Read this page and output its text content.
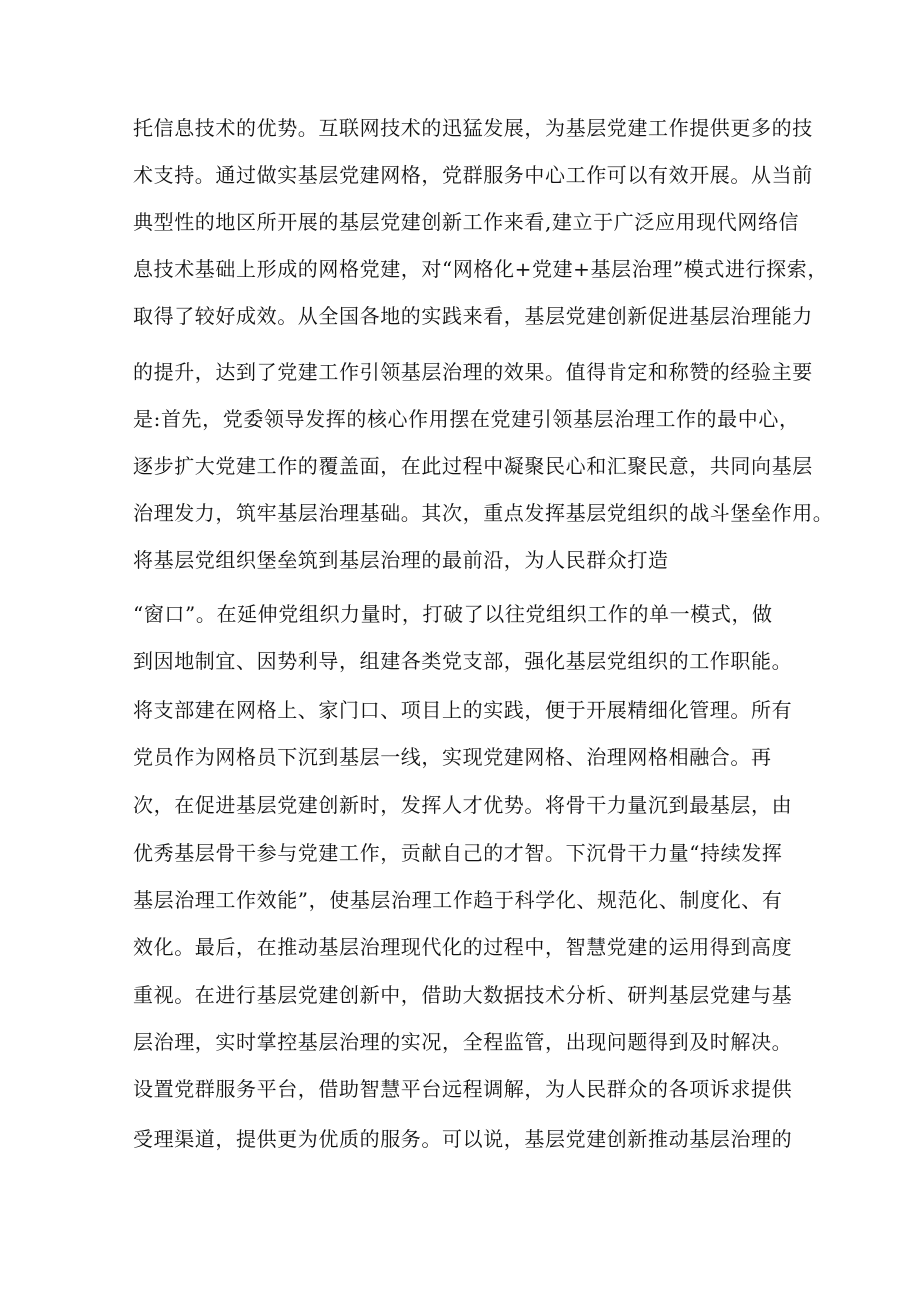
托信息技术的优势。互联网技术的迅猛发展，为基层党建工作提供更多的技
术支持。通过做实基层党建网格，党群服务中心工作可以有效开展。从当前
典型性的地区所开展的基层党建创新工作来看,建立于广泛应用现代网络信
息技术基础上形成的网格党建，对“网格化+党建+基层治理”模式进行探索，
取得了较好成效。从全国各地的实践来看，基层党建创新促进基层治理能力
的提升，达到了党建工作引领基层治理的效果。值得肯定和称赞的经验主要
是:首先，党委领导发挥的核心作用摆在党建引领基层治理工作的最中心，
逐步扩大党建工作的覆盖面，在此过程中凝聚民心和汇聚民意，共同向基层
治理发力，筑牢基层治理基础。其次，重点发挥基层党组织的战斗堡垒作用。
将基层党组织堡垒筑到基层治理的最前沿，为人民群众打造
“窗口”。在延伸党组织力量时，打破了以往党组织工作的单一模式，做
到因地制宜、因势利导，组建各类党支部，强化基层党组织的工作职能。
将支部建在网格上、家门口、项目上的实践，便于开展精细化管理。所有
党员作为网格员下沉到基层一线，实现党建网格、治理网格相融合。再
次，在促进基层党建创新时，发挥人才优势。将骨干力量沉到最基层，由
优秀基层骨干参与党建工作，贡献自己的才智。下沉骨干力量“持续发挥
基层治理工作效能”，使基层治理工作趋于科学化、规范化、制度化、有
效化。最后，在推动基层治理现代化的过程中，智慧党建的运用得到高度
重视。在进行基层党建创新中，借助大数据技术分析、研判基层党建与基
层治理，实时掌控基层治理的实况，全程监管，出现问题得到及时解决。
设置党群服务平台，借助智慧平台远程调解，为人民群众的各项诉求提供
受理渠道，提供更为优质的服务。可以说，基层党建创新推动基层治理的
